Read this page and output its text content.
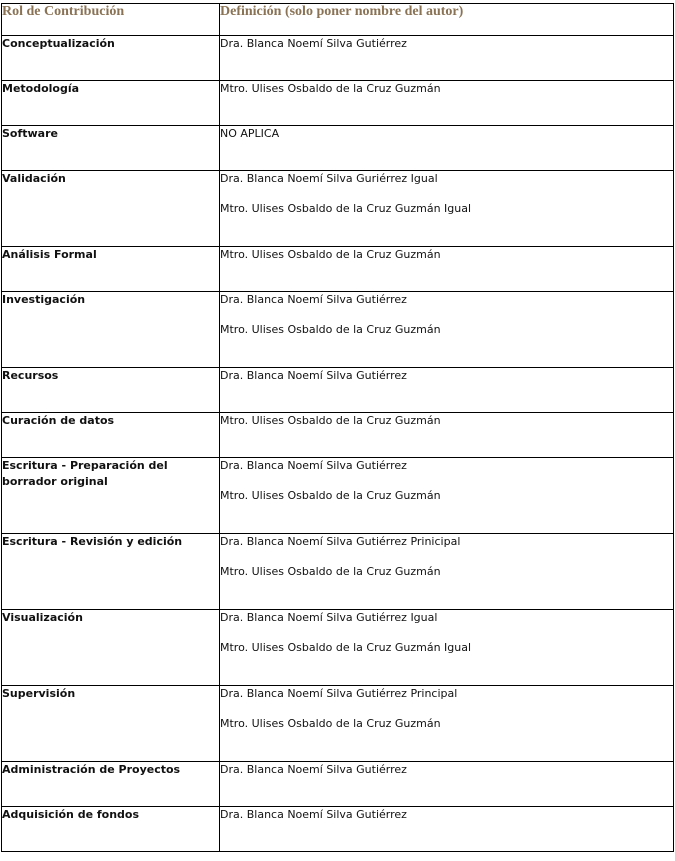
Rol de Contribución	Definición (solo poner nombre del autor)
Conceptualización	Dra. Blanca Noemí Silva Gutiérrez

Metodología	Mtro. Ulises Osbaldo de la Cruz Guzmán

Software	NO APLICA

Validación	Dra. Blanca Noemí Silva Guriérrez Igual
Mtro. Ulises Osbaldo de la Cruz Guzmán Igual

Análisis Formal	Mtro. Ulises Osbaldo de la Cruz Guzmán

Investigación	Dra. Blanca Noemí Silva Gutiérrez
Mtro. Ulises Osbaldo de la Cruz Guzmán

Recursos	Dra. Blanca Noemí Silva Gutiérrez

Curación de datos	Mtro. Ulises Osbaldo de la Cruz Guzmán

Escritura - Preparación del borrador original	Dra. Blanca Noemí Silva Gutiérrez
Mtro. Ulises Osbaldo de la Cruz Guzmán

Escritura - Revisión y edición	Dra. Blanca Noemí Silva Gutiérrez Prinicipal
Mtro. Ulises Osbaldo de la Cruz Guzmán

Visualización	Dra. Blanca Noemí Silva Gutiérrez Igual
Mtro. Ulises Osbaldo de la Cruz Guzmán Igual

Supervisión	Dra. Blanca Noemí Silva Gutiérrez Principal
Mtro. Ulises Osbaldo de la Cruz Guzmán

Administración de Proyectos	Dra. Blanca Noemí Silva Gutiérrez

Adquisición de fondos	Dra. Blanca Noemí Silva Gutiérrez
